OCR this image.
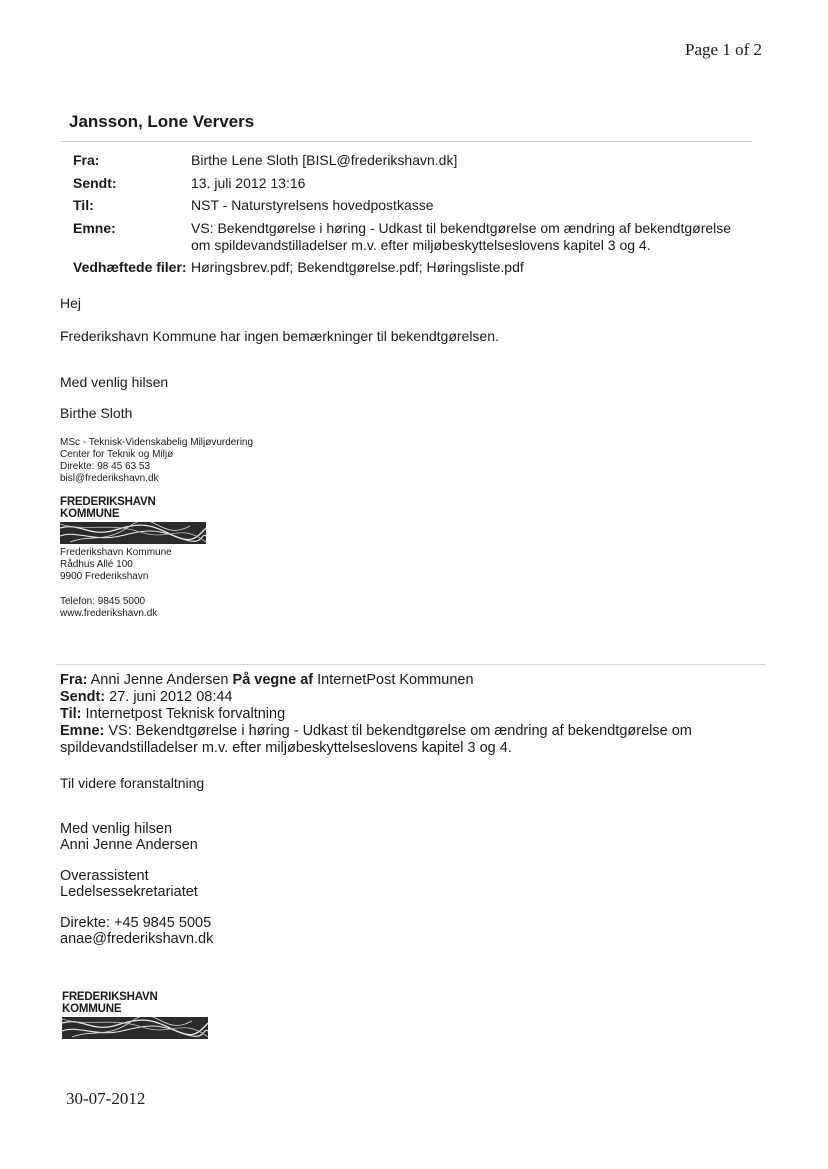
Page 1 of 2
Jansson, Lone Ververs
Fra:	Birthe Lene Sloth [BISL@frederikshavn.dk]
Sendt:	13. juli 2012 13:16
Til:	NST - Naturstyrelsens hovedpostkasse
Emne:	VS: Bekendtgørelse i høring - Udkast til bekendtgørelse om ændring af bekendtgørelse
om spildevandstilladelser m.v. efter miljøbeskyttelseslovens kapitel 3 og 4.
Vedhæftede filer: Høringsbrev.pdf; Bekendtgørelse.pdf; Høringsliste.pdf
Hej
Frederikshavn Kommune har ingen bemærkninger til bekendtgørelsen.
Med venlig hilsen
Birthe Sloth
MSc - Teknisk-Videnskabelig Miljøvurdering
Center for Teknik og Miljø
Direkte: 98 45 63 53
bisl@frederikshavn.dk
FREDERIKSHAVN KOMMUNE
Frederikshavn Kommune
Rådhus Allé 100
9900 Frederikshavn
Telefon: 9845 5000
www.frederikshavn.dk
Fra: Anni Jenne Andersen På vegne af InternetPost Kommunen
Sendt: 27. juni 2012 08:44
Til: Internetpost Teknisk forvaltning
Emne: VS: Bekendtgørelse i høring - Udkast til bekendtgørelse om ændring af bekendtgørelse om
spildevandstilladelser m.v. efter miljøbeskyttelseslovens kapitel 3 og 4.
Til videre foranstaltning
Med venlig hilsen
Anni Jenne Andersen
Overassistent
Ledelsessekretariatet
Direkte: +45 9845 5005
anae@frederikshavn.dk
FREDERIKSHAVN KOMMUNE
30-07-2012
